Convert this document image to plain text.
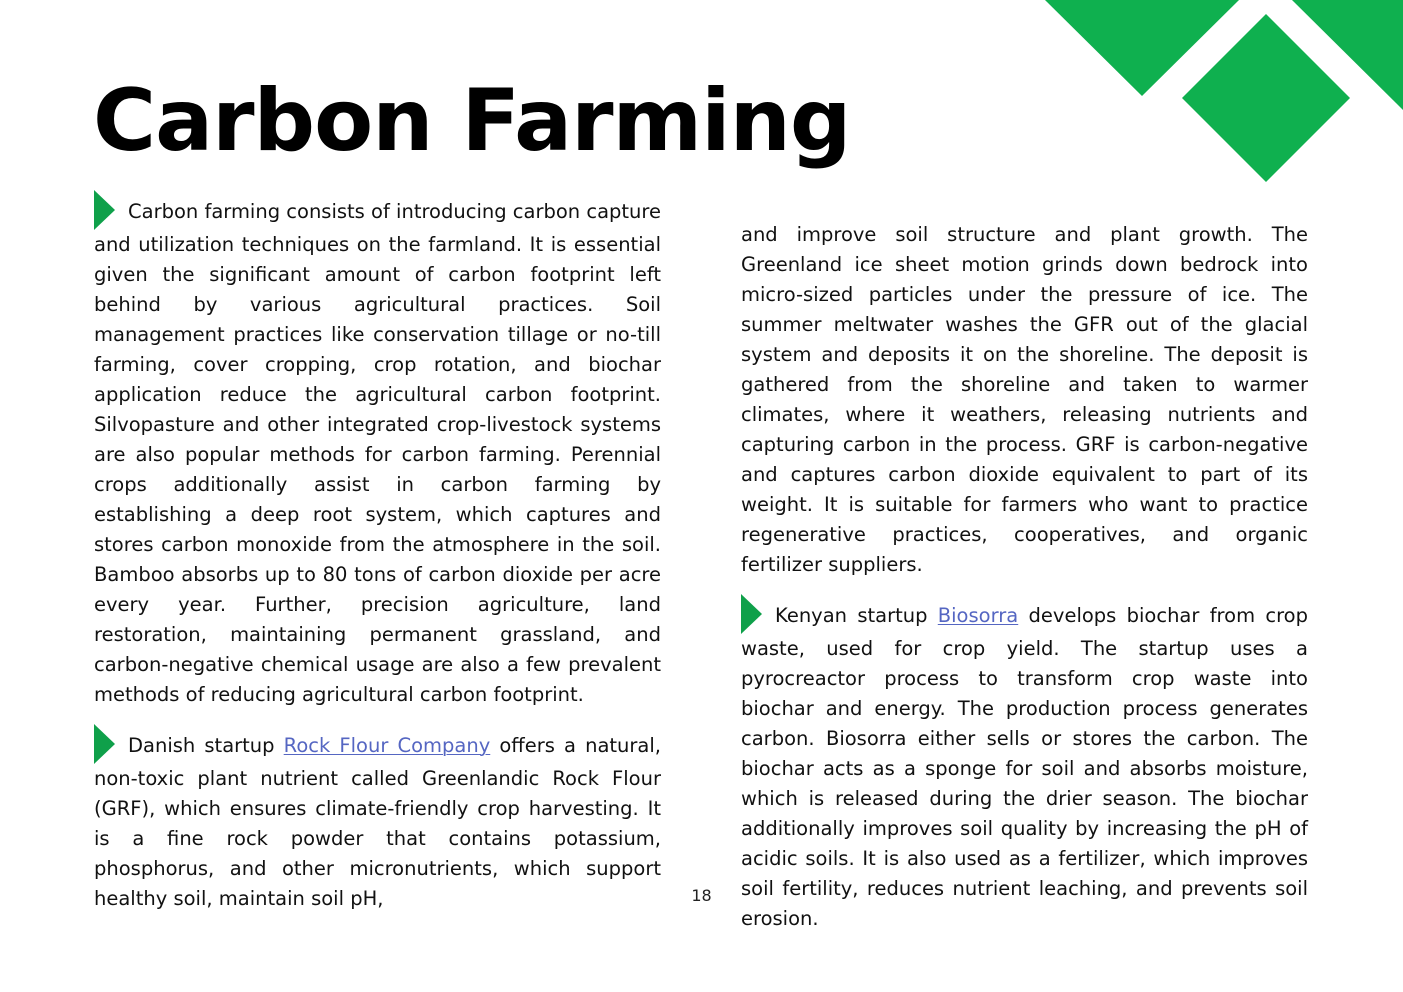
Carbon Farming

Carbon farming consists of introducing carbon capture and utilization techniques on the farmland. It is essential given the significant amount of carbon footprint left behind by various agricultural practices. Soil management practices like conservation tillage or no-till farming, cover cropping, crop rotation, and biochar application reduce the agricultural carbon footprint. Silvopasture and other integrated crop-livestock systems are also popular methods for carbon farming. Perennial crops additionally assist in carbon farming by establishing a deep root system, which captures and stores carbon monoxide from the atmosphere in the soil. Bamboo absorbs up to 80 tons of carbon dioxide per acre every year. Further, precision agriculture, land restoration, maintaining permanent grassland, and carbon-negative chemical usage are also a few prevalent methods of reducing agricultural carbon footprint.

Danish startup Rock Flour Company offers a natural, non-toxic plant nutrient called Greenlandic Rock Flour (GRF), which ensures climate-friendly crop harvesting. It is a fine rock powder that contains potassium, phosphorus, and other micronutrients, which support healthy soil, maintain soil pH,

and improve soil structure and plant growth. The Greenland ice sheet motion grinds down bedrock into micro-sized particles under the pressure of ice. The summer meltwater washes the GFR out of the glacial system and deposits it on the shoreline. The deposit is gathered from the shoreline and taken to warmer climates, where it weathers, releasing nutrients and capturing carbon in the process. GRF is carbon-negative and captures carbon dioxide equivalent to part of its weight. It is suitable for farmers who want to practice regenerative practices, cooperatives, and organic fertilizer suppliers.

Kenyan startup Biosorra develops biochar from crop waste, used for crop yield. The startup uses a pyrocreactor process to transform crop waste into biochar and energy. The production process generates carbon. Biosorra either sells or stores the carbon. The biochar acts as a sponge for soil and absorbs moisture, which is released during the drier season. The biochar additionally improves soil quality by increasing the pH of acidic soils. It is also used as a fertilizer, which improves soil fertility, reduces nutrient leaching, and prevents soil erosion.

18
